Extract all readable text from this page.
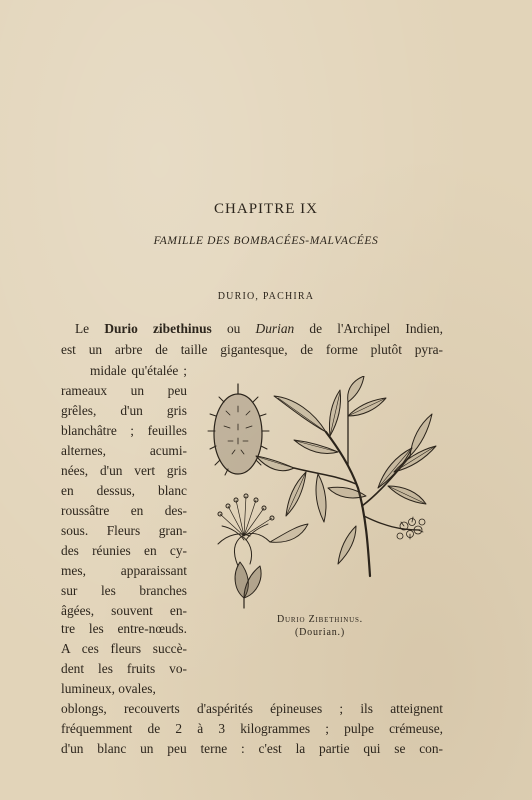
CHAPITRE IX
FAMILLE DES BOMBACÉES-MALVACÉES
DURIO, PACHIRA
Le Durio zibethinus ou Durian de l'Archipel Indien,
est un arbre de taille gigantesque, de forme plutôt pyra-
midale qu'étalée ;
rameaux un peu
grêles, d'un gris
blanchâtre ; feuilles
alternes, acumi-
nées, d'un vert gris
en dessus, blanc
roussâtre en des-
sous. Fleurs gran-
des réunies en cy-
mes, apparaissant
sur les branches
âgées, souvent en-
tre les entre-nœuds.
A ces fleurs succè-
dent les fruits vo-
lumineux, ovales,
oblongs, recouverts d'aspérités épineuses ; ils atteignent
fréquemment de 2 à 3 kilogrammes ; pulpe crémeuse,
d'un blanc un peu terne : c'est la partie qui se con-
Durio Zibethinus.
(Dourian.)
